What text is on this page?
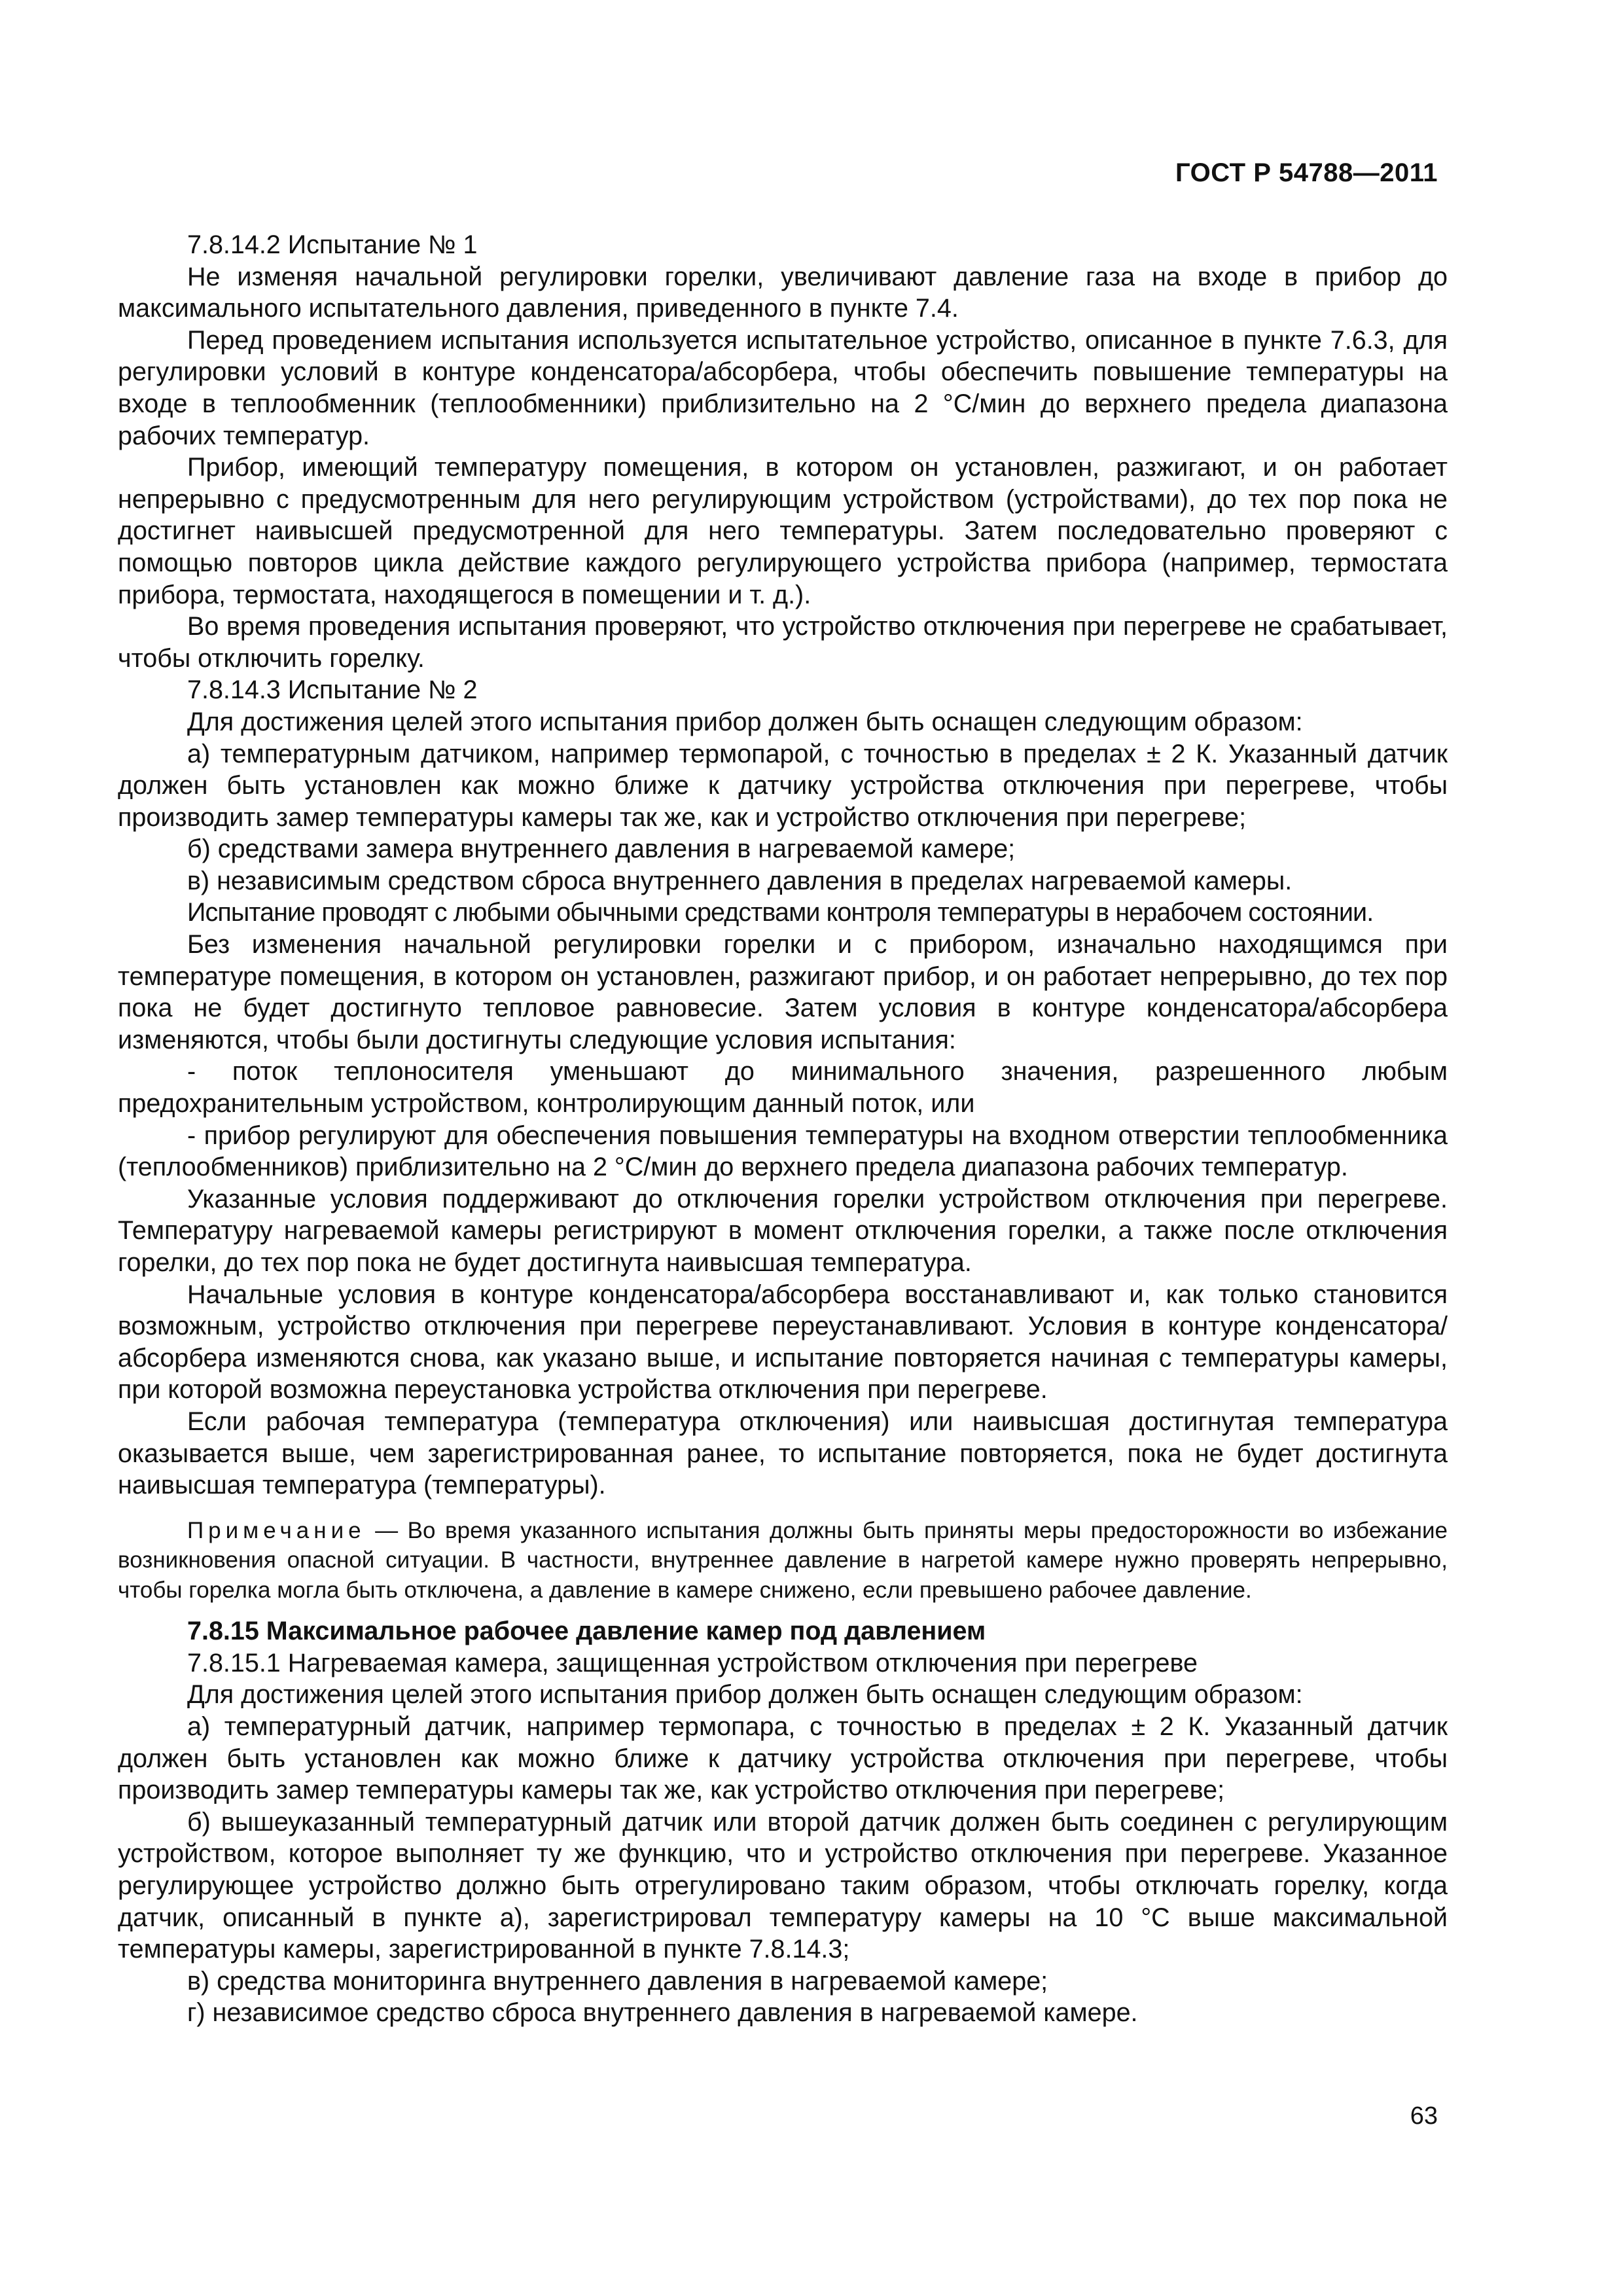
ГОСТ Р 54788—2011

7.8.14.2 Испытание № 1

Не изменяя начальной регулировки горелки, увеличивают давление газа на входе в прибор до максимального испытательного давления, приведенного в пункте 7.4.

Перед проведением испытания используется испытательное устройство, описанное в пункте 7.6.3, для регулировки условий в контуре конденсатора/абсорбера, чтобы обеспечить повышение температуры на входе в теплообменник (теплообменники) приблизительно на 2 °С/мин до верхнего предела диапазона рабочих температур.

Прибор, имеющий температуру помещения, в котором он установлен, разжигают, и он работает непрерывно с предусмотренным для него регулирующим устройством (устройствами), до тех пор пока не достигнет наивысшей предусмотренной для него температуры. Затем последовательно проверяют с помощью повторов цикла действие каждого регулирующего устройства прибора (например, термостата прибора, термостата, находящегося в помещении и т. д.).

Во время проведения испытания проверяют, что устройство отключения при перегреве не срабатывает, чтобы отключить горелку.

7.8.14.3 Испытание № 2

Для достижения целей этого испытания прибор должен быть оснащен следующим образом:

а) температурным датчиком, например термопарой, с точностью в пределах ± 2 К. Указанный датчик должен быть установлен как можно ближе к датчику устройства отключения при перегреве, чтобы производить замер температуры камеры так же, как и устройство отключения при перегреве;

б) средствами замера внутреннего давления в нагреваемой камере;

в) независимым средством сброса внутреннего давления в пределах нагреваемой камеры.

Испытание проводят с любыми обычными средствами контроля температуры в нерабочем состоянии.

Без изменения начальной регулировки горелки и с прибором, изначально находящимся при температуре помещения, в котором он установлен, разжигают прибор, и он работает непрерывно, до тех пор пока не будет достигнуто тепловое равновесие. Затем условия в контуре конденсатора/абсорбера изменяются, чтобы были достигнуты следующие условия испытания:

- поток теплоносителя уменьшают до минимального значения, разрешенного любым предохранительным устройством, контролирующим данный поток, или

- прибор регулируют для обеспечения повышения температуры на входном отверстии теплообменника (теплообменников) приблизительно на 2 °С/мин до верхнего предела диапазона рабочих температур.

Указанные условия поддерживают до отключения горелки устройством отключения при перегреве. Температуру нагреваемой камеры регистрируют в момент отключения горелки, а также после отключения горелки, до тех пор пока не будет достигнута наивысшая температура.

Начальные условия в контуре конденсатора/абсорбера восстанавливают и, как только становится возможным, устройство отключения при перегреве переустанавливают. Условия в контуре конденсатора/абсорбера изменяются снова, как указано выше, и испытание повторяется начиная с температуры камеры, при которой возможна переустановка устройства отключения при перегреве.

Если рабочая температура (температура отключения) или наивысшая достигнутая температура оказывается выше, чем зарегистрированная ранее, то испытание повторяется, пока не будет достигнута наивысшая температура (температуры).

Примечание — Во время указанного испытания должны быть приняты меры предосторожности во избежание возникновения опасной ситуации. В частности, внутреннее давление в нагретой камере нужно проверять непрерывно, чтобы горелка могла быть отключена, а давление в камере снижено, если превышено рабочее давление.

7.8.15 Максимальное рабочее давление камер под давлением

7.8.15.1 Нагреваемая камера, защищенная устройством отключения при перегреве

Для достижения целей этого испытания прибор должен быть оснащен следующим образом:

а) температурный датчик, например термопара, с точностью в пределах ± 2 К. Указанный датчик должен быть установлен как можно ближе к датчику устройства отключения при перегреве, чтобы производить замер температуры камеры так же, как устройство отключения при перегреве;

б) вышеуказанный температурный датчик или второй датчик должен быть соединен с регулирующим устройством, которое выполняет ту же функцию, что и устройство отключения при перегреве. Указанное регулирующее устройство должно быть отрегулировано таким образом, чтобы отключать горелку, когда датчик, описанный в пункте а), зарегистрировал температуру камеры на 10 °С выше максимальной температуры камеры, зарегистрированной в пункте 7.8.14.3;

в) средства мониторинга внутреннего давления в нагреваемой камере;

г) независимое средство сброса внутреннего давления в нагреваемой камере.

63
